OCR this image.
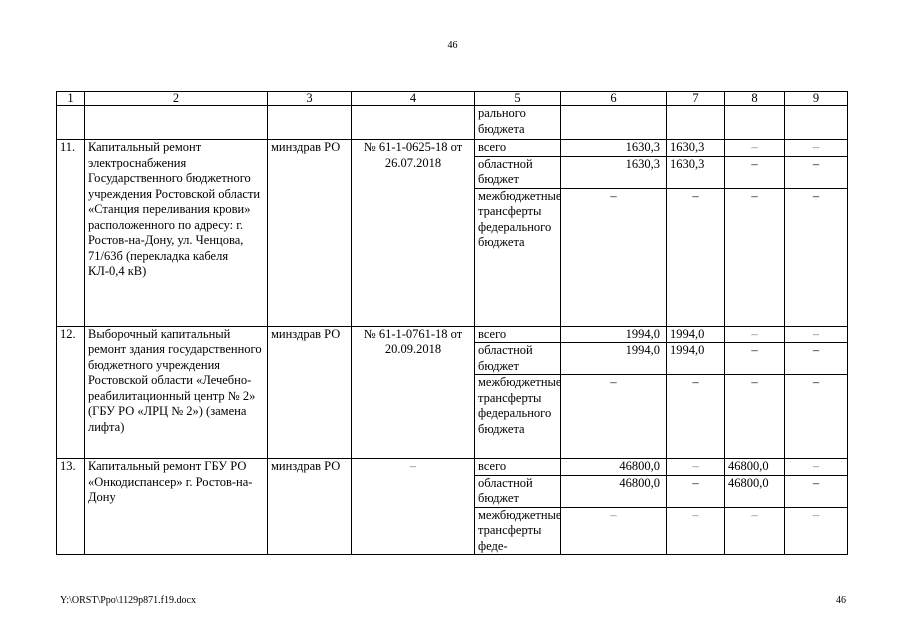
46
1	2	3	4	5	6	7	8	9
				рального бюджета				
11.	Капитальный ремонт электроснабжения Государственного бюджетного учреждения Ростовской области «Станция переливания крови» расположенного по адресу: г. Ростов-на-Дону, ул. Ченцова, 71/63б (перекладка кабеля КЛ-0,4 кВ)	минздрав РО	№ 61-1-0625-18 от 26.07.2018	всего	1630,3	1630,3	–	–
				областной бюджет	1630,3	1630,3	–	–
				межбюджетные трансферты федерального бюджета	–	–	–	–
12.	Выборочный капитальный ремонт здания государственного бюджетного учреждения Ростовской области «Лечебно-реабилитационный центр № 2» (ГБУ РО «ЛРЦ № 2») (замена лифта)	минздрав РО	№ 61-1-0761-18 от 20.09.2018	всего	1994,0	1994,0	–	–
				областной бюджет	1994,0	1994,0	–	–
				межбюджетные трансферты федерального бюджета	–	–	–	–
13.	Капитальный ремонт ГБУ РО «Онкодиспансер» г. Ростов-на-Дону	минздрав РО	–	всего	46800,0	–	46800,0	–
				областной бюджет	46800,0	–	46800,0	–
				межбюджетные трансферты феде-	–	–	–	–
Y:\ORST\Ppo\1129p871.f19.docx	46
